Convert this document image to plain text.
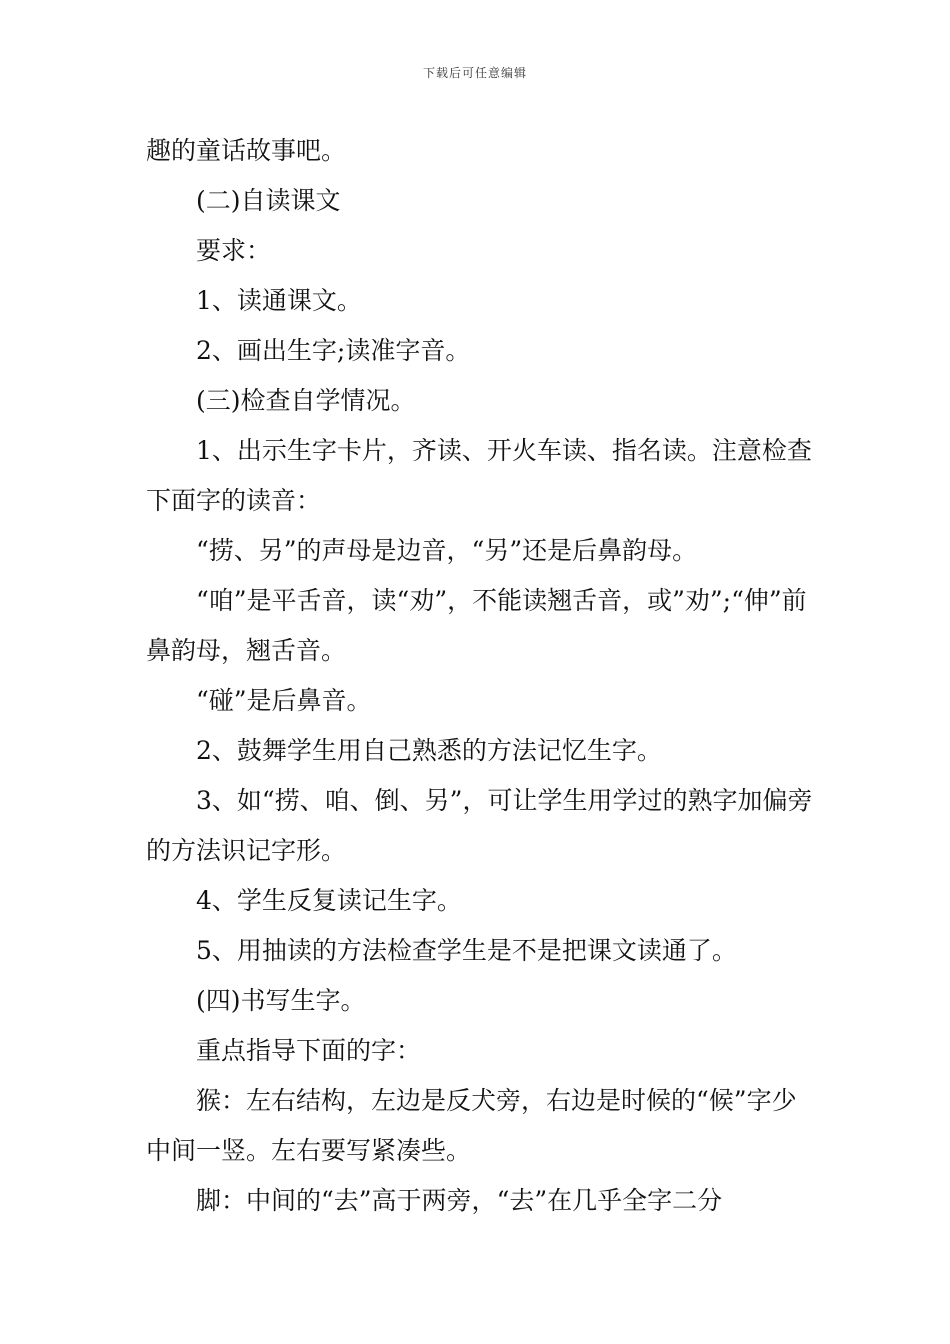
下载后可任意编辑

趣的童话故事吧。

(二)自读课文

要求：

1、读通课文。

2、画出生字;读准字音。

(三)检查自学情况。

1、出示生字卡片，齐读、开火车读、指名读。注意检查下面字的读音：

“捞、另”的声母是边音，“另”还是后鼻韵母。

“咱”是平舌音，读“劝”，不能读翘舌音，或”劝”;“伸”前鼻韵母，翘舌音。

“碰”是后鼻音。

2、鼓舞学生用自己熟悉的方法记忆生字。

3、如“捞、咱、倒、另”，可让学生用学过的熟字加偏旁的方法识记字形。

4、学生反复读记生字。

5、用抽读的方法检查学生是不是把课文读通了。

(四)书写生字。

重点指导下面的字：

猴：左右结构，左边是反犬旁，右边是时候的“候”字少中间一竖。左右要写紧凑些。

脚：中间的“去”高于两旁，“去”在几乎全字二分
